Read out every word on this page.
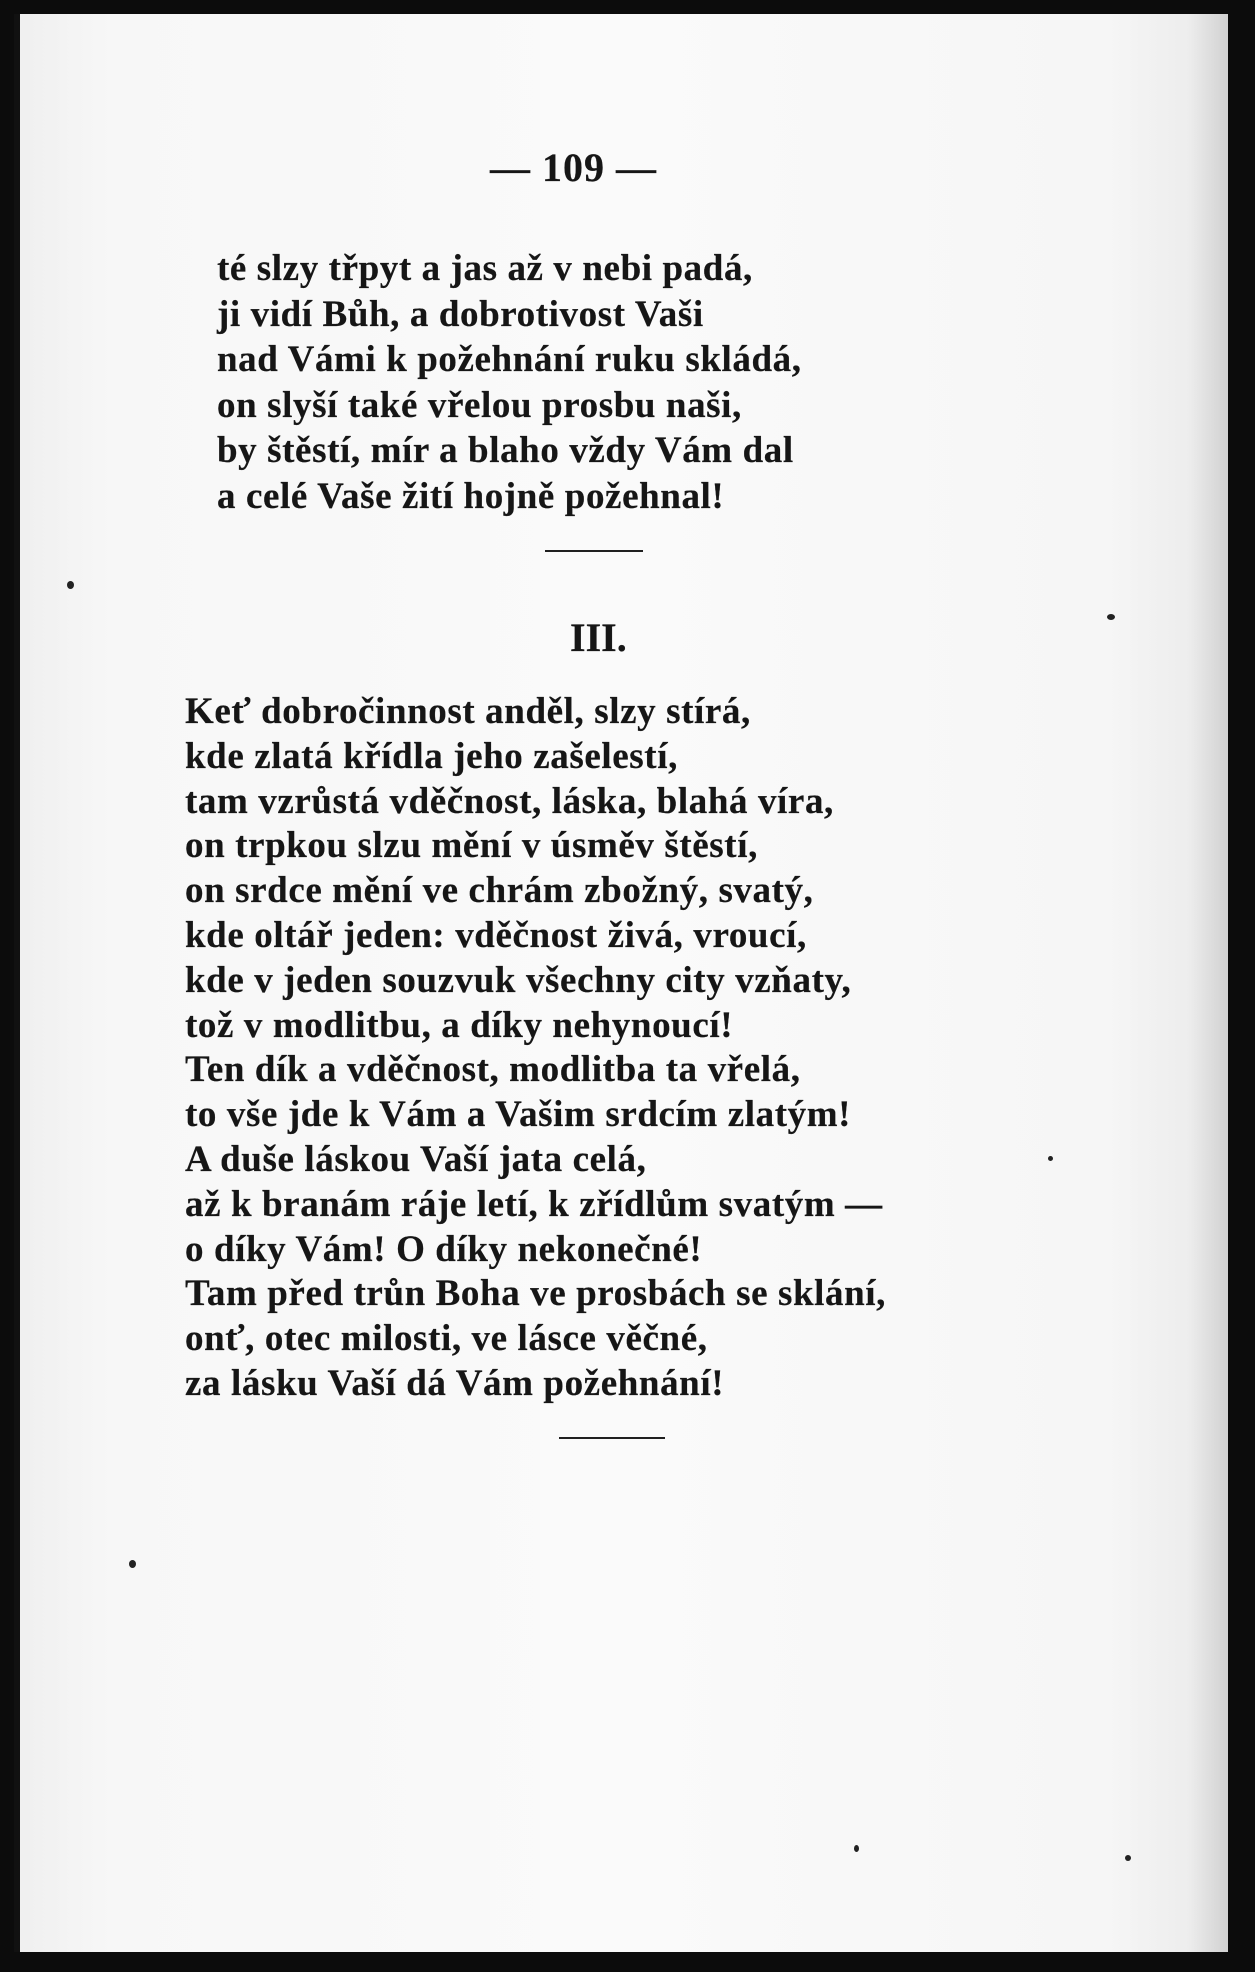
— 109 —
té slzy třpyt a jas až v nebi padá,
ji vidí Bůh, a dobrotivost Vaši
nad Vámi k požehnání ruku skládá,
on slyší také vřelou prosbu naši,
by štěstí, mír a blaho vždy Vám dal
a celé Vaše žití hojně požehnal!
III.
Keť dobročinnost anděl, slzy stírá,
kde zlatá křídla jeho zašelestí,
tam vzrůstá vděčnost, láska, blahá víra,
on trpkou slzu mění v úsměv štěstí,
on srdce mění ve chrám zbožný, svatý,
kde oltář jeden: vděčnost živá, vroucí,
kde v jeden souzvuk všechny city vzňaty,
tož v modlitbu, a díky nehynoucí!
Ten dík a vděčnost, modlitba ta vřelá,
to vše jde k Vám a Vašim srdcím zlatým!
A duše láskou Vaší jata celá,
až k branám ráje letí, k zřídlům svatým —
o díky Vám! O díky nekonečné!
Tam před trůn Boha ve prosbách se sklání,
onť, otec milosti, ve lásce věčné,
za lásku Vaší dá Vám požehnání!
